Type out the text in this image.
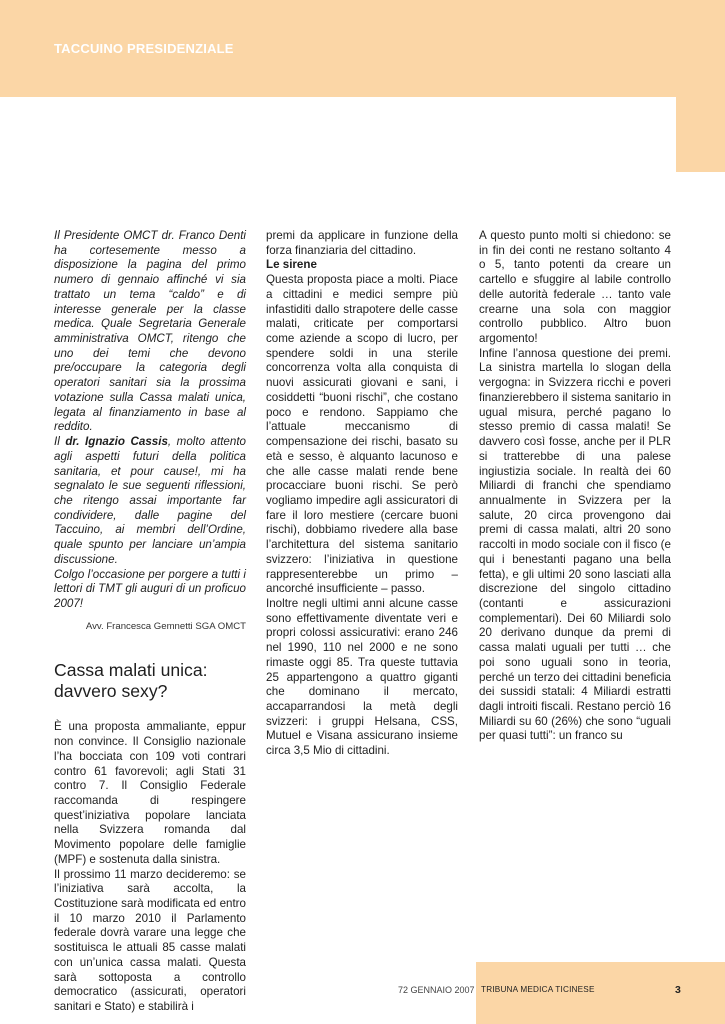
TACCUINO PRESIDENZIALE

Il Presidente OMCT dr. Franco Denti ha cortesemente messo a disposizione la pagina del primo numero di gennaio affinché vi sia trattato un tema “caldo” e di interesse generale per la classe medica. Quale Segretaria Generale amministrativa OMCT, ritengo che uno dei temi che devono pre/occupare la categoria degli operatori sanitari sia la prossima votazione sulla Cassa malati unica, legata al finanziamento in base al reddito.

Il dr. Ignazio Cassis, molto attento agli aspetti futuri della politica sanitaria, et pour cause!, mi ha segnalato le sue seguenti riflessioni, che ritengo assai importante far condividere, dalle pagine del Taccuino, ai membri dell’Ordine, quale spunto per lanciare un’ampia discussione.

Colgo l’occasione per porgere a tutti i lettori di TMT gli auguri di un proficuo 2007!

Avv. Francesca Gemnetti SGA OMCT

Cassa malati unica:
davvero sexy?

È una proposta ammaliante, eppur non convince. Il Consiglio nazionale l’ha bocciata con 109 voti contrari contro 61 favorevoli; agli Stati 31 contro 7. Il Consiglio Federale raccomanda di respingere quest’iniziativa popolare lanciata nella Svizzera romanda dal Movimento popolare delle famiglie (MPF) e sostenuta dalla sinistra.

Il prossimo 11 marzo decideremo: se l’iniziativa sarà accolta, la Costituzione sarà modificata ed entro il 10 marzo 2010 il Parlamento federale dovrà varare una legge che sostituisca le attuali 85 casse malati con un’unica cassa malati. Questa sarà sottoposta a controllo democratico (assicurati, operatori sanitari e Stato) e stabilirà i

premi da applicare in funzione della forza finanziaria del cittadino.

Le sirene

Questa proposta piace a molti. Piace a cittadini e medici sempre più infastiditi dallo strapotere delle casse malati, criticate per comportarsi come aziende a scopo di lucro, per spendere soldi in una sterile concorrenza volta alla conquista di nuovi assicurati giovani e sani, i cosiddetti “buoni rischi”, che costano poco e rendono. Sappiamo che l’attuale meccanismo di compensazione dei rischi, basato su età e sesso, è alquanto lacunoso e che alle casse malati rende bene procacciare buoni rischi. Se però vogliamo impedire agli assicuratori di fare il loro mestiere (cercare buoni rischi), dobbiamo rivedere alla base l’architettura del sistema sanitario svizzero: l’iniziativa in questione rappresenterebbe un primo – ancorché insufficiente – passo.

Inoltre negli ultimi anni alcune casse sono effettivamente diventate veri e propri colossi assicurativi: erano 246 nel 1990, 110 nel 2000 e ne sono rimaste oggi 85. Tra queste tuttavia 25 appartengono a quattro giganti che dominano il mercato, accaparrandosi la metà degli svizzeri: i gruppi Helsana, CSS, Mutuel e Visana assicurano insieme circa 3,5 Mio di cittadini.

A questo punto molti si chiedono: se in fin dei conti ne restano soltanto 4 o 5, tanto potenti da creare un cartello e sfuggire al labile controllo delle autorità federale … tanto vale crearne una sola con maggior controllo pubblico. Altro buon argomento!

Infine l’annosa questione dei premi. La sinistra martella lo slogan della vergogna: in Svizzera ricchi e poveri finanzierebbero il sistema sanitario in ugual misura, perché pagano lo stesso premio di cassa malati! Se davvero così fosse, anche per il PLR si tratterebbe di una palese ingiustizia sociale. In realtà dei 60 Miliardi di franchi che spendiamo annualmente in Svizzera per la salute, 20 circa provengono dai premi di cassa malati, altri 20 sono raccolti in modo sociale con il fisco (e qui i benestanti pagano una bella fetta), e gli ultimi 20 sono lasciati alla discrezione del singolo cittadino (contanti e assicurazioni complementari). Dei 60 Miliardi solo 20 derivano dunque da premi di cassa malati uguali per tutti … che poi sono uguali sono in teoria, perché un terzo dei cittadini beneficia dei sussidi statali: 4 Miliardi estratti dagli introiti fiscali. Restano perciò 16 Miliardi su 60 (26%) che sono “uguali per quasi tutti”: un franco su

72 GENNAIO 2007 TRIBUNA MEDICA TICINESE	3
